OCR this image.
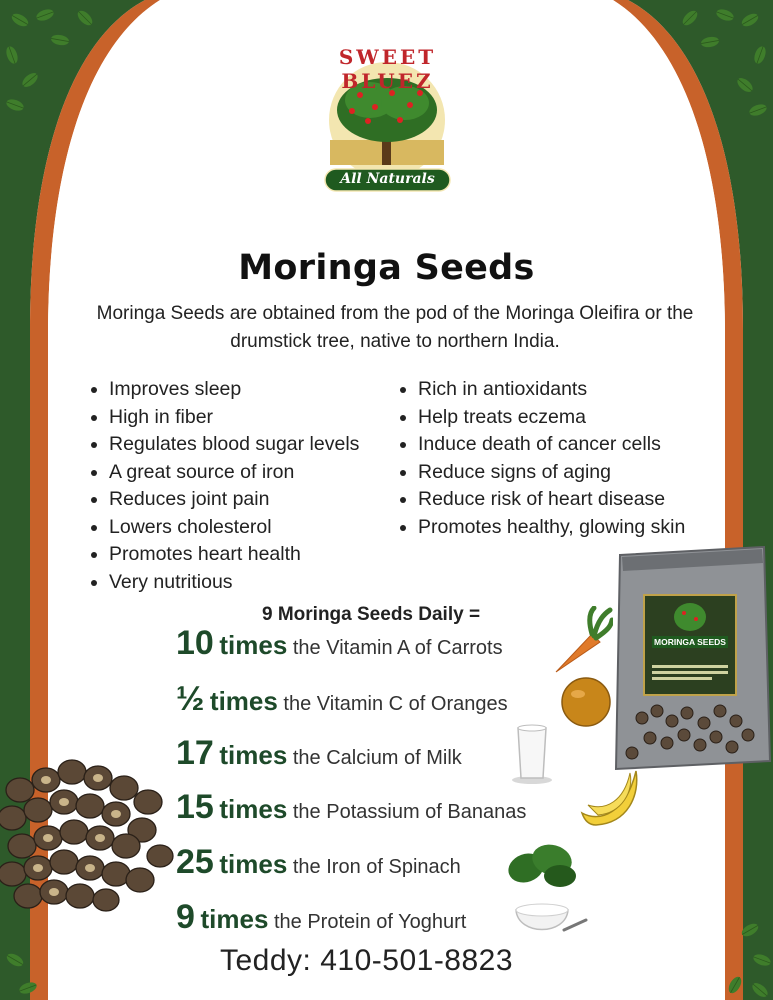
SWEET BLUEZ
All Naturals
Moringa Seeds
Moringa Seeds are obtained from the pod of the Moringa Oleifira or the drumstick tree, native to northern India.
Improves sleep
High in fiber
Regulates blood sugar levels
A great source of iron
Reduces joint pain
Lowers cholesterol
Promotes heart health
Very nutritious
Rich in antioxidants
Help treats eczema
Induce death of cancer cells
Reduce signs of aging
Reduce risk of heart disease
Promotes healthy, glowing skin
MORINGA SEEDS
9 Moringa Seeds Daily =
10 times the Vitamin A of Carrots
½ times the Vitamin C of Oranges
17 times the Calcium of Milk
15 times the Potassium of Bananas
25 times the Iron of Spinach
9 times the Protein of Yoghurt
Teddy: 410-501-8823
